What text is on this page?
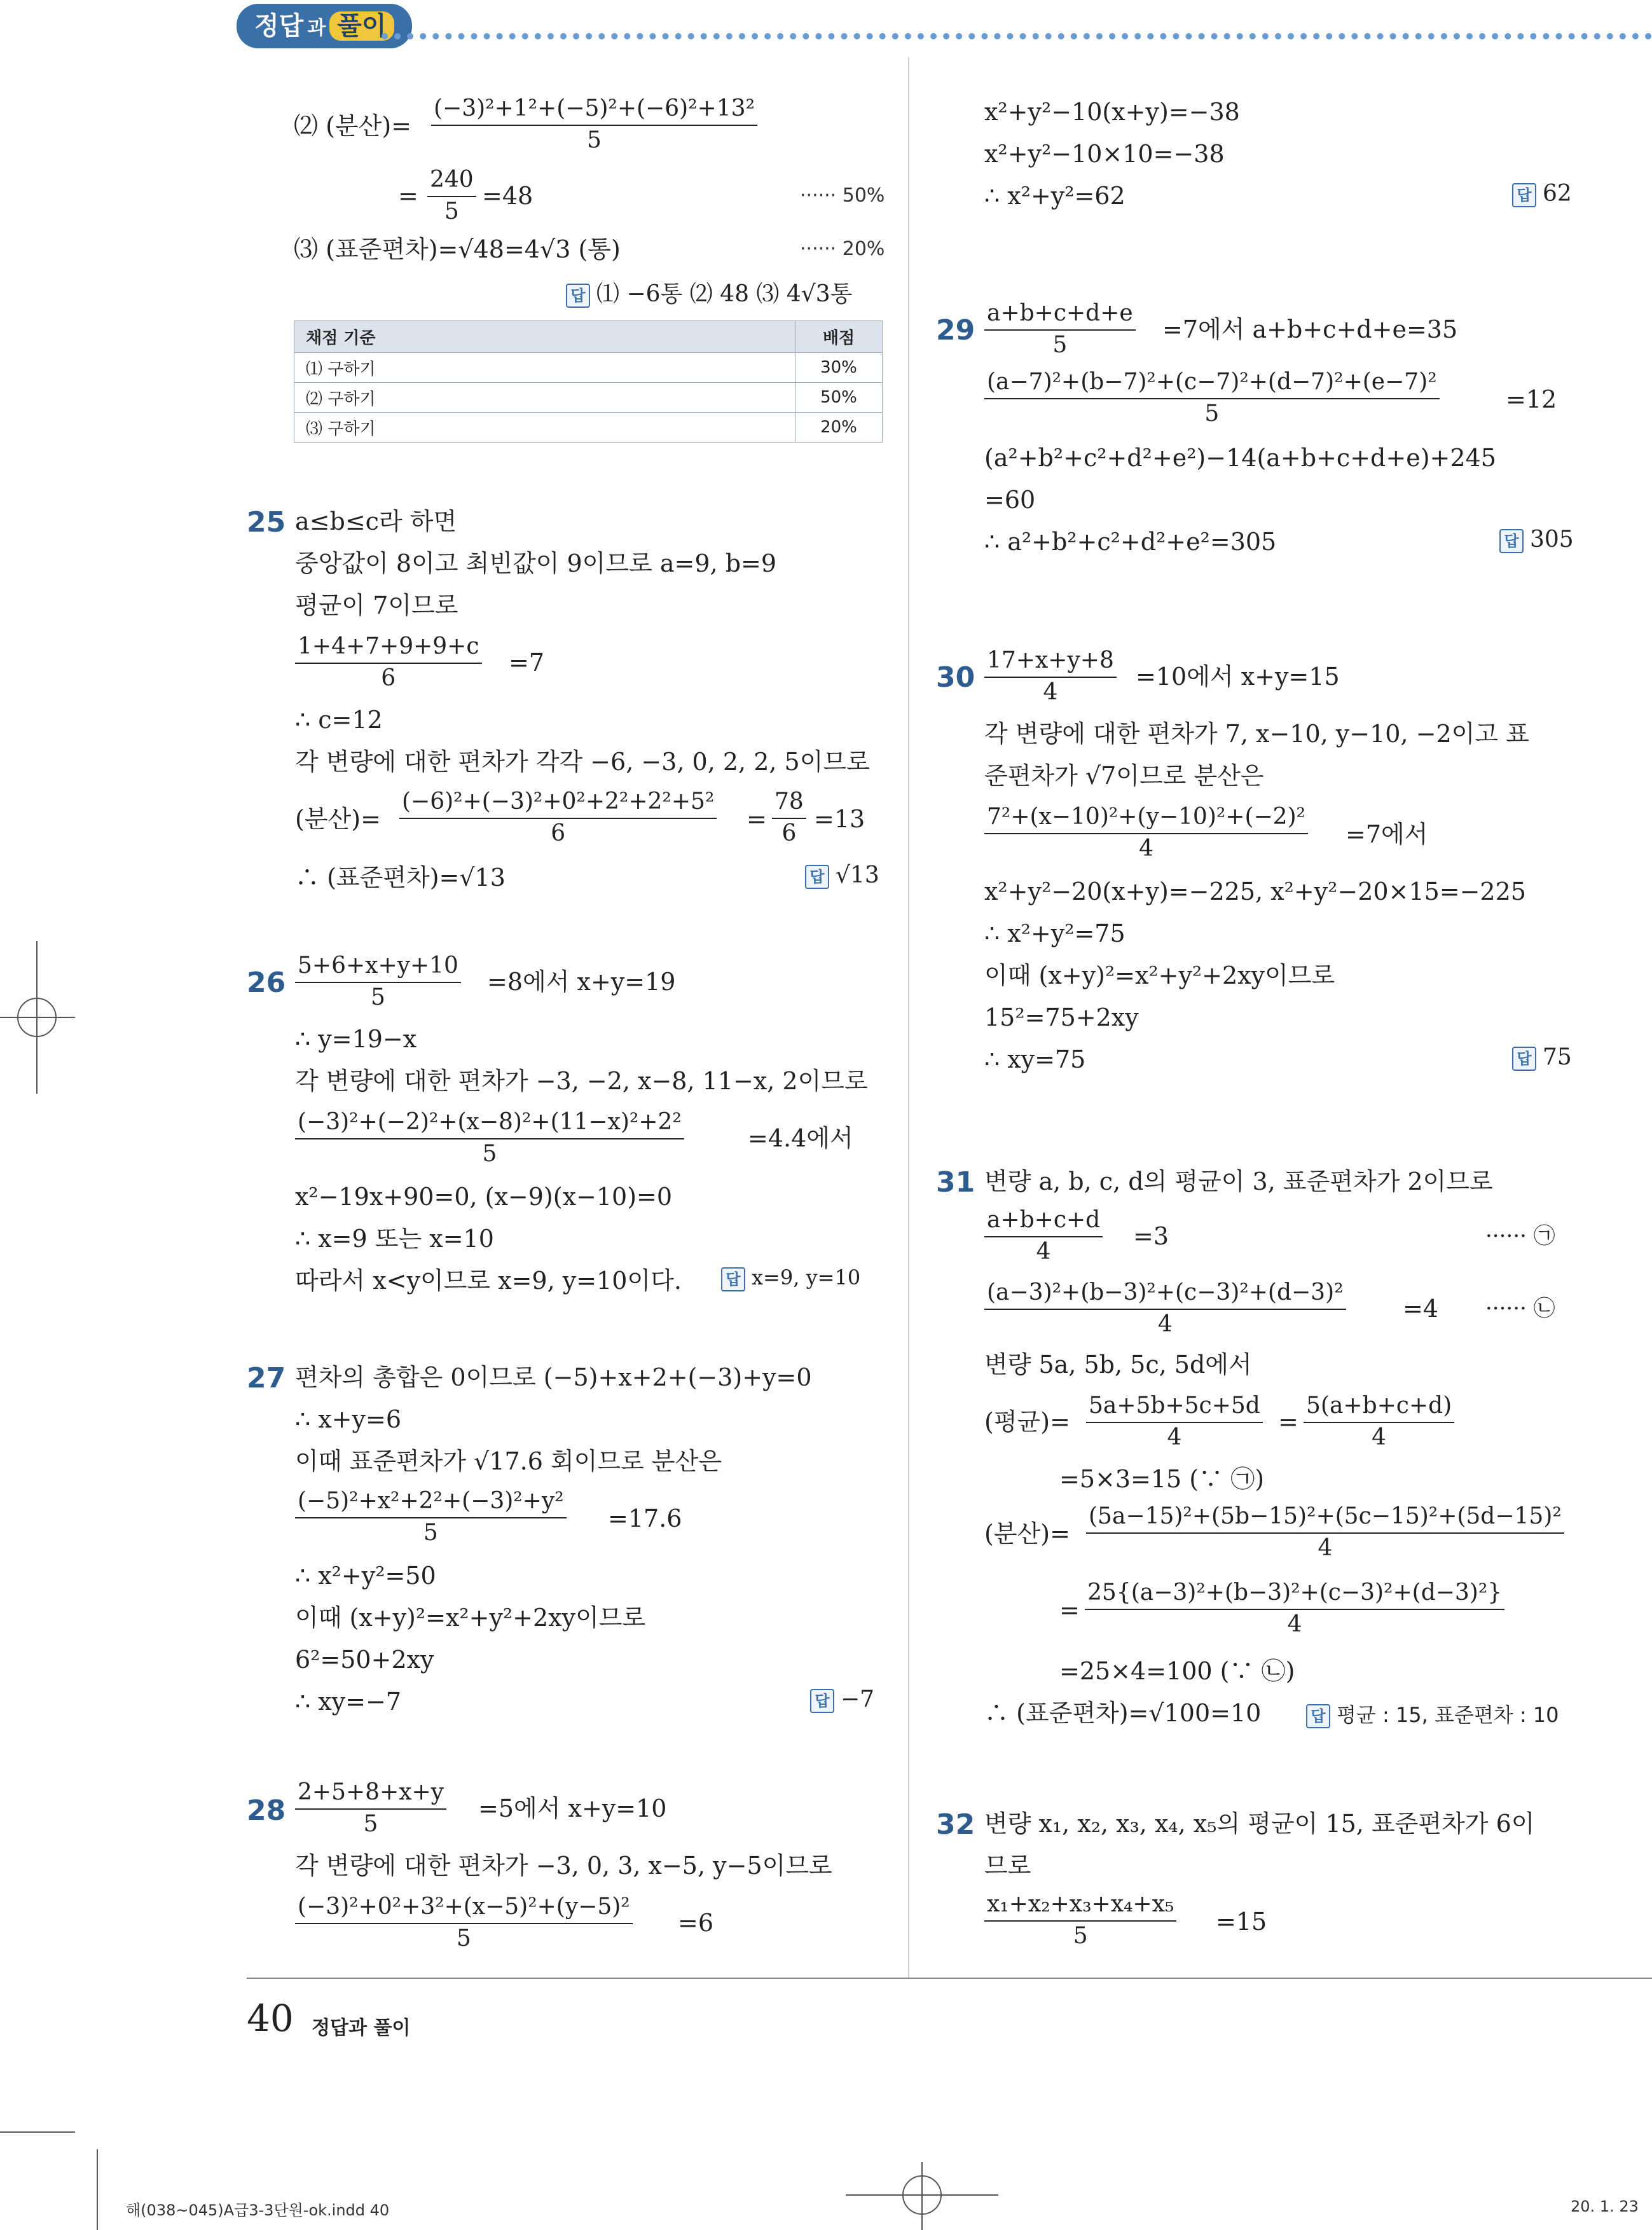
정답 과 풀이
⑵ (분산)= $\frac{\text{(−3)²+1²+(−5)²+(−6)²+13²}}{5}$
= $\frac{240}{5} =48$	······ 50%
⑶ (표준편차)=√48=4√3 (통)	······ 20%
답 ⑴ −6통 ⑵ 48 ⑶ 4√3통
채점 기준	배점
⑴ 구하기	30%
⑵ 구하기	50%
⑶ 구하기	20%
25 a≤b≤c라 하면
중앙값이 8이고 최빈값이 9이므로 a=9, b=9
평균이 7이므로
$\frac{1+4+7+9+9+c}{6} =7$
∴ c=12
각 변량에 대한 편차가 각각 −6, −3, 0, 2, 2, 5이므로
(분산)= $\frac{\text{(−6)²+(−3)²+0²+2²+2²+5²}}{6} = \frac{78}{6} =13$
∴ (표준편차)=√13	답 √13
$26 \frac{5+6+x+y+10}{5} =8$에서 x+y=19
∴ y=19−x
각 변량에 대한 편차가 −3, −2, x−8, 11−x, 2이므로
$\frac{\text{(−3)²+(−2)²+(x−8)²+(11−x)²+2²}}{5}$	=4.4에서
x²−19x+90=0, (x−9)(x−10)=0
∴ x=9 또는 x=10
따라서 x<y이므로 x=9, y=10이다.	답 x=9, y=10
27 편차의 총합은 0이므로 (−5)+x+2+(−3)+y=0
∴ x+y=6
이때 표준편차가 √17.6 회이므로 분산은
$\frac{\text{(−5)²+x²+2²+(−3)²+y²}}{5} =17.6$
∴ x²+y²=50
이때 (x+y)²=x²+y²+2xy이므로
6²=50+2xy
∴ xy=−7	답 −7
$28 \frac{2+5+8+x+y}{5} =5$에서 x+y=10
각 변량에 대한 편차가 −3, 0, 3, x−5, y−5이므로
$\frac{\text{(−3)²+0²+3²+(x−5)²+(y−5)²}}{5} =6$
x²+y²−10(x+y)=−38
x²+y²−10×10=−38
∴ x²+y²=62	답 62
$29 \frac{a+b+c+d+e}{5} =7$에서 a+b+c+d+e=35
$\frac{\text{(a−7)²+(b−7)²+(c−7)²+(d−7)²+(e−7)²}}{5}$	=12
(a²+b²+c²+d²+e²)−14(a+b+c+d+e)+245
=60
∴ a²+b²+c²+d²+e²=305	답 305
$30 \frac{17+x+y+8}{4} =10$에서 x+y=15
각 변량에 대한 편차가 7, x−10, y−10, −2이고 표
준편차가 √7이므로 분산은
$\frac{\text{7²+(x−10)²+(y−10)²+(−2)²}}{4} =7$에서
x²+y²−20(x+y)=−225, x²+y²−20×15=−225
∴ x²+y²=75
이때 (x+y)²=x²+y²+2xy이므로
15²=75+2xy
∴ xy=75	답 75
31 변량 a, b, c, d의 평균이 3, 표준편차가 2이므로
$\frac{a+b+c+d}{4} =3$	······ ㉠
$\frac{\text{(a−3)²+(b−3)²+(c−3)²+(d−3)²}}{4} =4$ ······ ㉡
변량 5a, 5b, 5c, 5d에서
(평균)= $\frac{5a+5b+5c+5d}{4} = \frac{5(a+b+c+d)}{4}$
=5×3=15 (∵ ㉠)
(분산)= $\frac{\text{(5a−15)²+(5b−15)²+(5c−15)²+(5d−15)²}}{4}$
= $\frac{\text{25\{(a−3)²+(b−3)²+(c−3)²+(d−3)²\}}}{4}$
=25×4=100 (∵ ㉡)
∴ (표준편차)=√100=10	답 평균 : 15, 표준편차 : 10
32 변량 x₁, x₂, x₃, x₄, x₅의 평균이 15, 표준편차가 6이
므로
$\frac{\text{x₁+x₂+x₃+x₄+x₅}}{5} =15$
40 정답과 풀이
해(038~045)A급3-3단원-ok.indd 40	20. 1. 23
